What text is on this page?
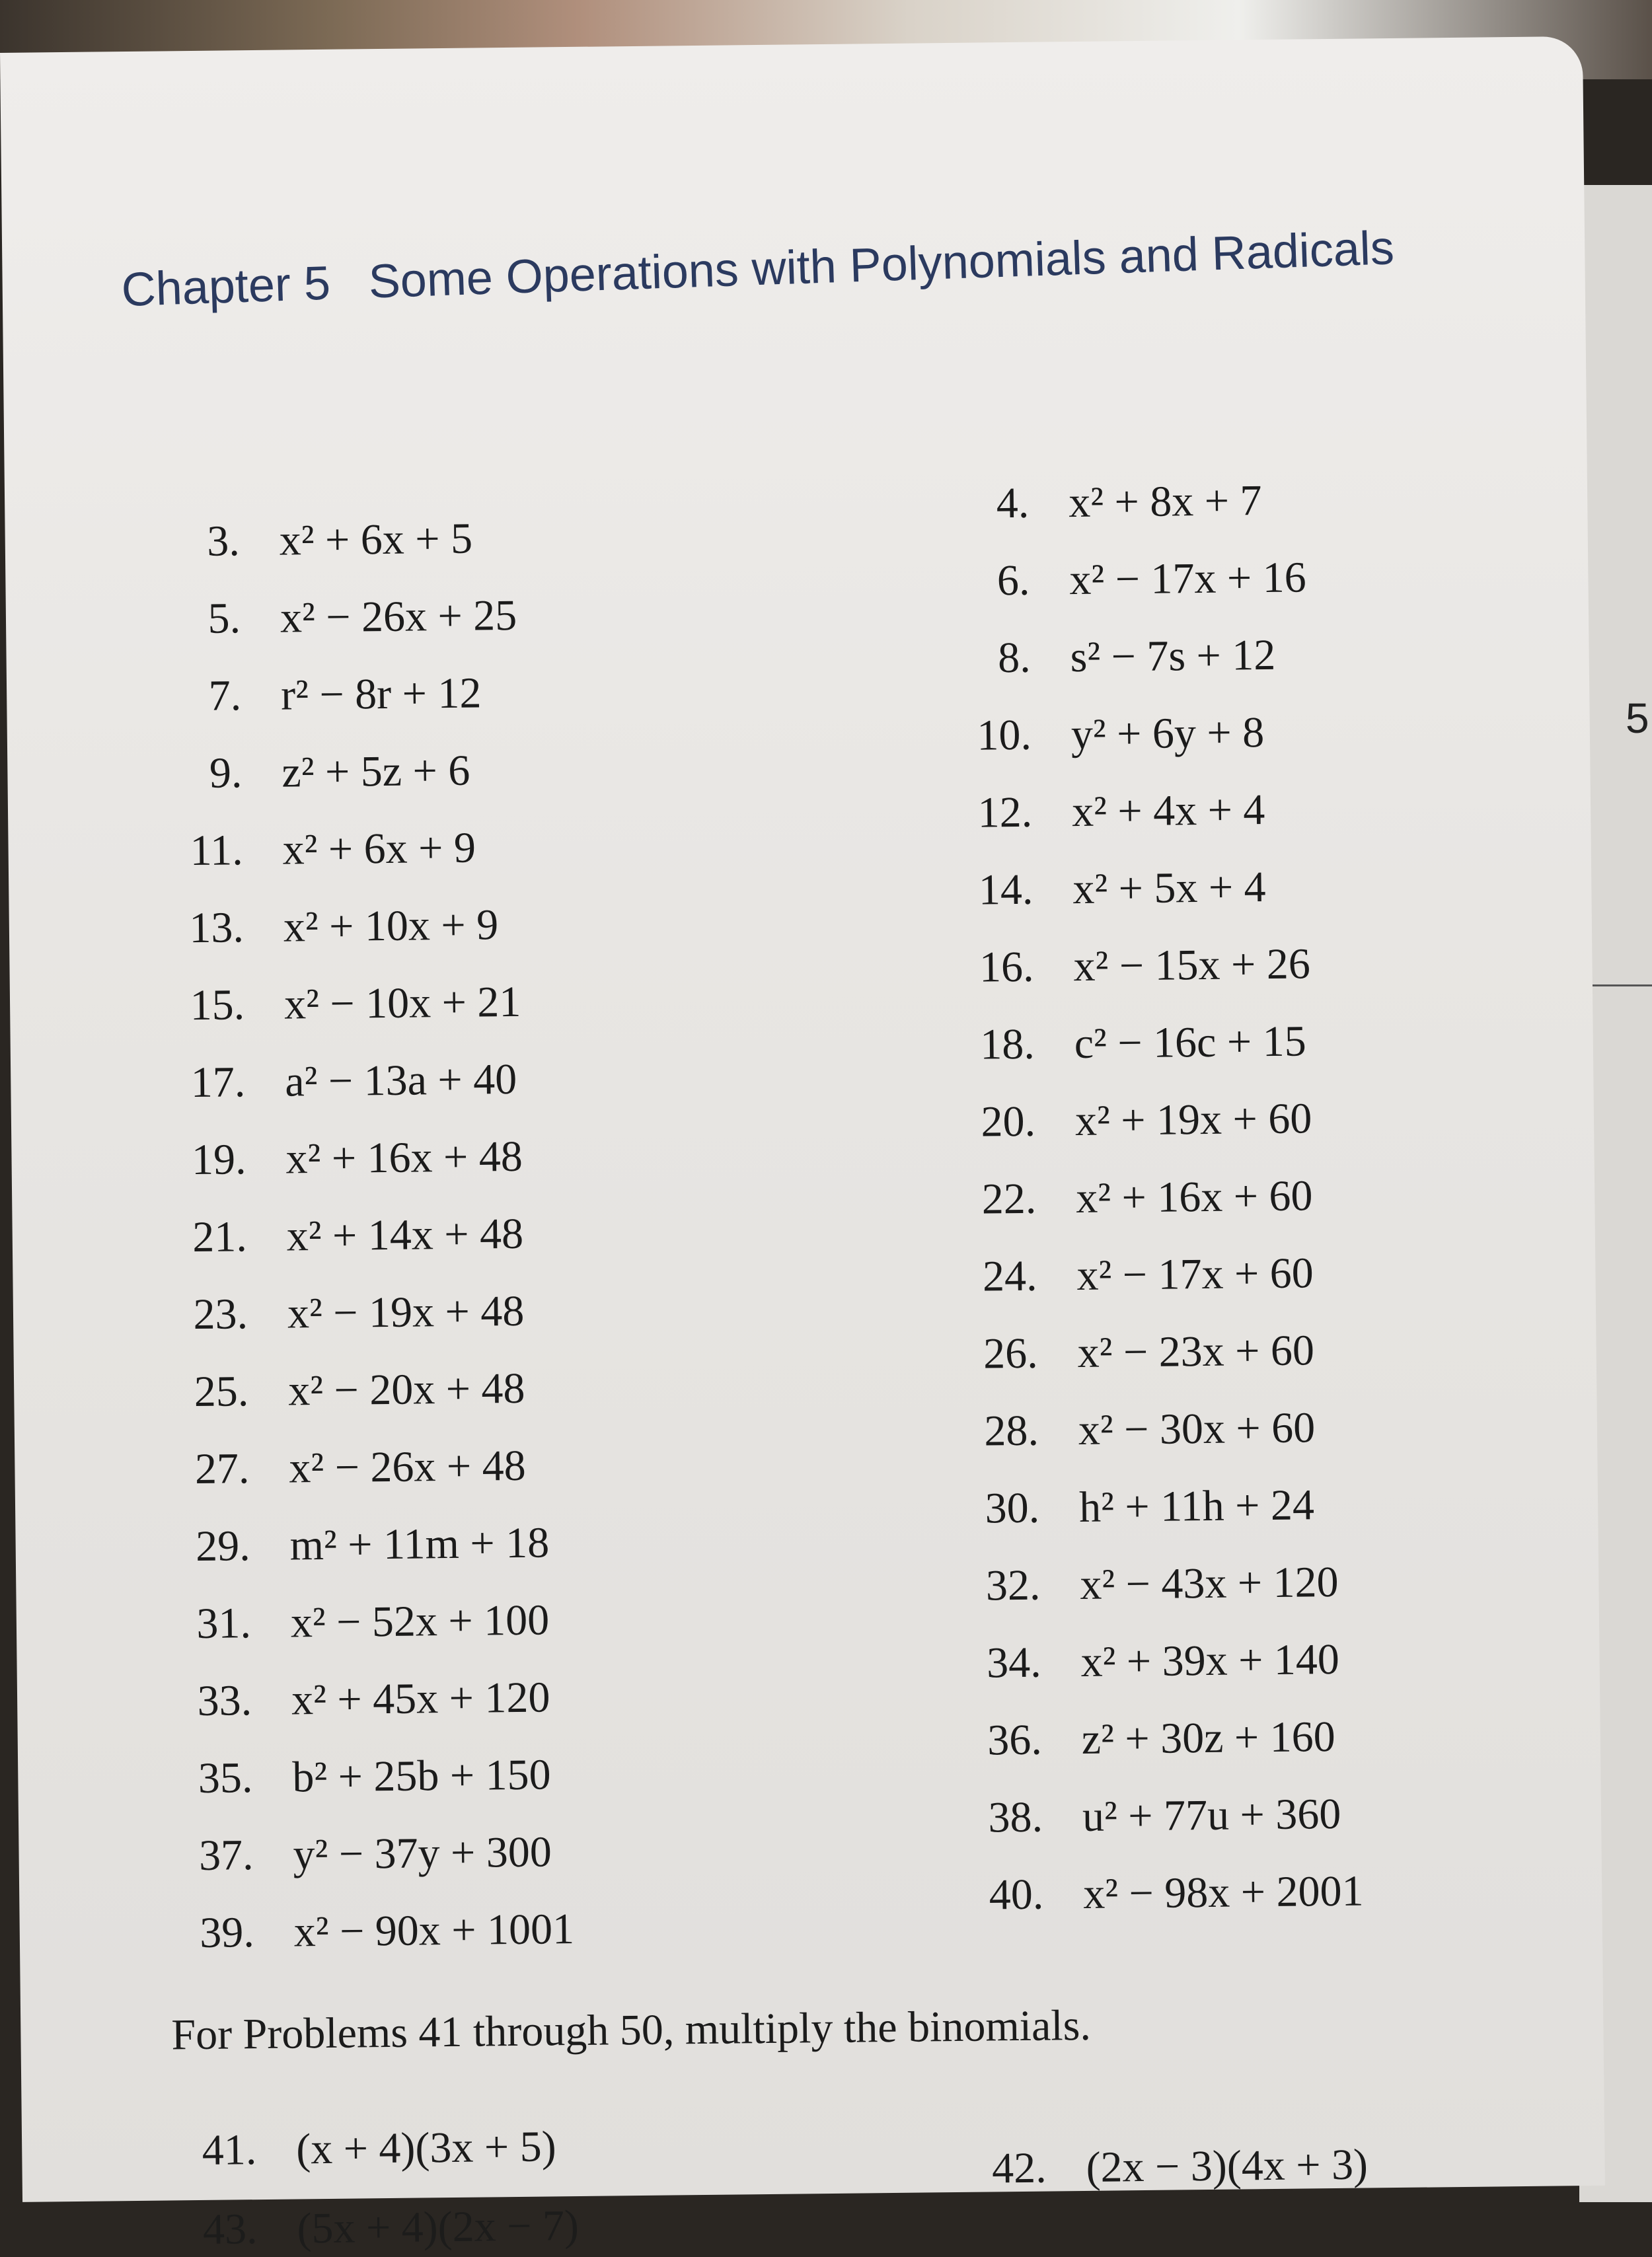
5
Chapter 5 Some Operations with Polynomials and Radicals
3. x² + 6x + 5
5. x² − 26x + 25
7. r² − 8r + 12
9. z² + 5z + 6
11. x² + 6x + 9
13. x² + 10x + 9
15. x² − 10x + 21
17. a² − 13a + 40
19. x² + 16x + 48
21. x² + 14x + 48
23. x² − 19x + 48
25. x² − 20x + 48
27. x² − 26x + 48
29. m² + 11m + 18
31. x² − 52x + 100
33. x² + 45x + 120
35. b² + 25b + 150
37. y² − 37y + 300
39. x² − 90x + 1001
4. x² + 8x + 7
6. x² − 17x + 16
8. s² − 7s + 12
10. y² + 6y + 8
12. x² + 4x + 4
14. x² + 5x + 4
16. x² − 15x + 26
18. c² − 16c + 15
20. x² + 19x + 60
22. x² + 16x + 60
24. x² − 17x + 60
26. x² − 23x + 60
28. x² − 30x + 60
30. h² + 11h + 24
32. x² − 43x + 120
34. x² + 39x + 140
36. z² + 30z + 160
38. u² + 77u + 360
40. x² − 98x + 2001
For Problems 41 through 50, multiply the binomials.
41. (x + 4)(3x + 5)	42. (2x − 3)(4x + 3)
43. (5x + 4)(2x − 7)
